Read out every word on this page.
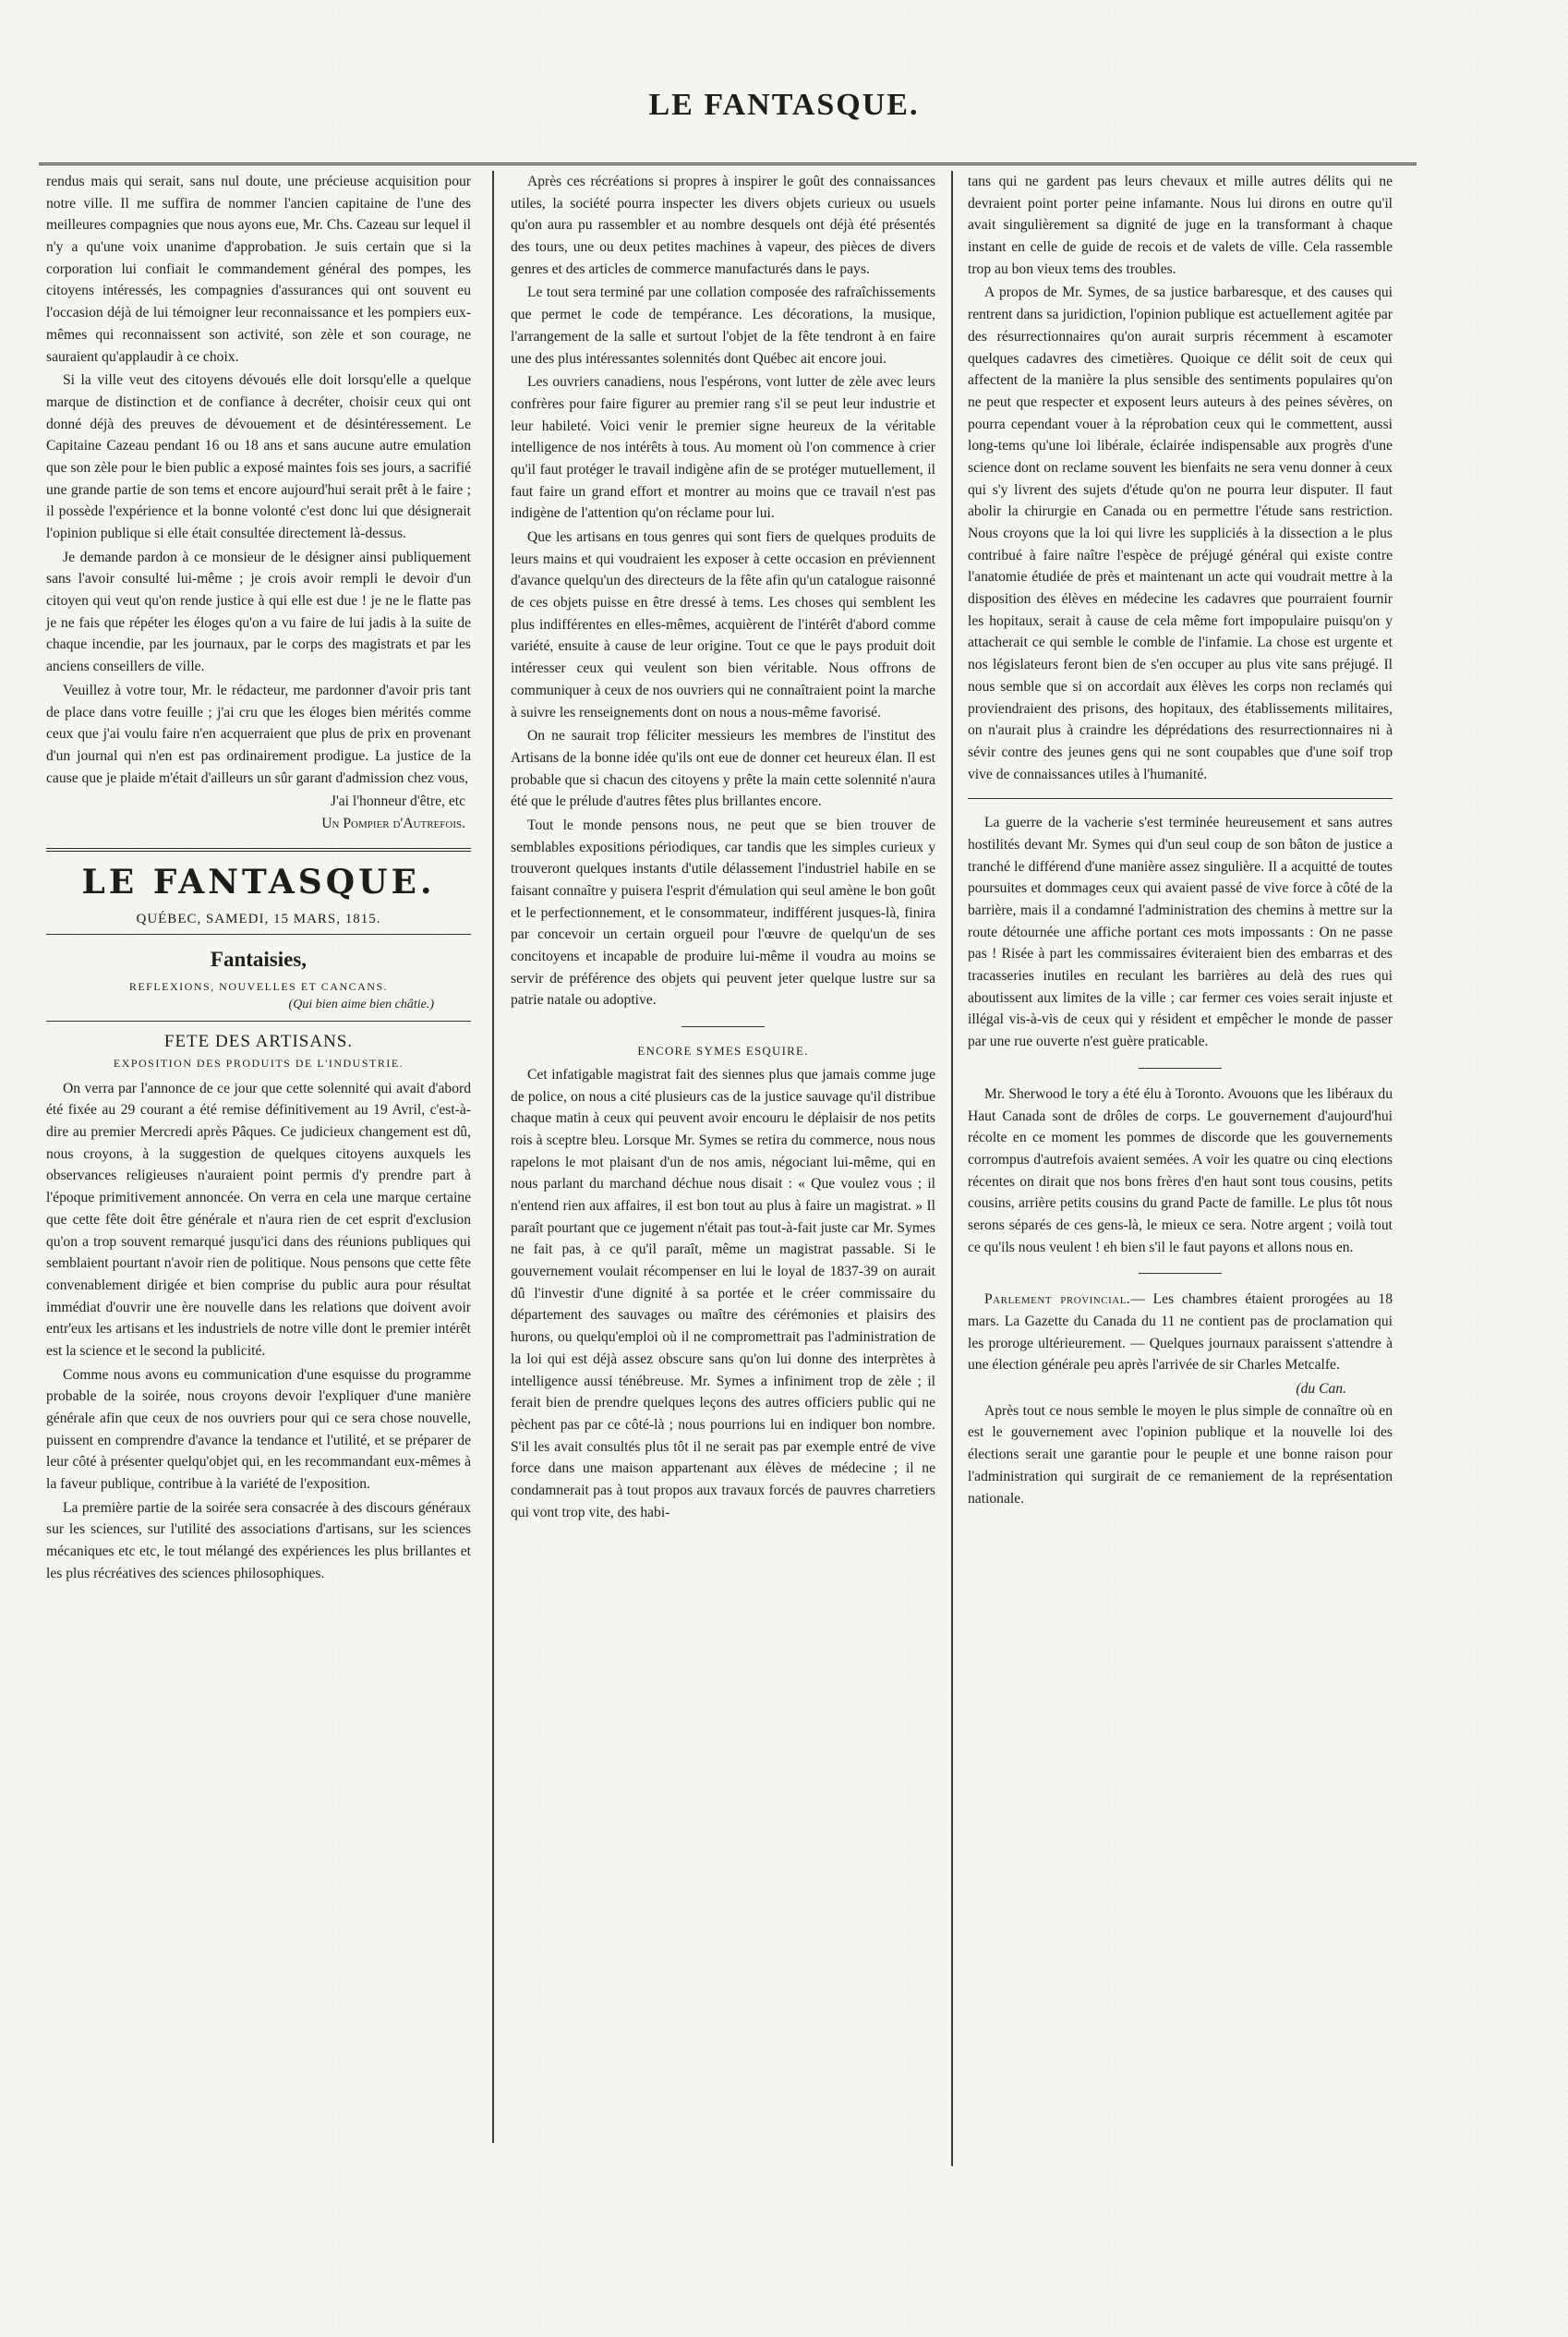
LE FANTASQUE.

rendus mais qui serait, sans nul doute, une précieuse acquisition pour notre ville. Il me suffira de nommer l'ancien capitaine de l'une des meilleures compagnies que nous ayons eue, Mr. Chs. Cazeau sur lequel il n'y a qu'une voix unanime d'approbation. Je suis certain que si la corporation lui confiait le commandement général des pompes, les citoyens intéressés, les compagnies d'assurances qui ont souvent eu l'occasion déjà de lui témoigner leur reconnaissance et les pompiers eux-mêmes qui reconnaissent son activité, son zèle et son courage, ne sauraient qu'applaudir à ce choix.

Si la ville veut des citoyens dévoués elle doit lorsqu'elle a quelque marque de distinction et de confiance à decréter, choisir ceux qui ont donné déjà des preuves de dévouement et de désintéressement. Le Capitaine Cazeau pendant 16 ou 18 ans et sans aucune autre emulation que son zèle pour le bien public a exposé maintes fois ses jours, a sacrifié une grande partie de son tems et encore aujourd'hui serait prêt à le faire ; il possède l'expérience et la bonne volonté c'est donc lui que désignerait l'opinion publique si elle était consultée directement là-dessus.

Je demande pardon à ce monsieur de le désigner ainsi publiquement sans l'avoir consulté lui-même ; je crois avoir rempli le devoir d'un citoyen qui veut qu'on rende justice à qui elle est due ! je ne le flatte pas je ne fais que répéter les éloges qu'on a vu faire de lui jadis à la suite de chaque incendie, par les journaux, par le corps des magistrats et par les anciens conseillers de ville.

Veuillez à votre tour, Mr. le rédacteur, me pardonner d'avoir pris tant de place dans votre feuille ; j'ai cru que les éloges bien mérités comme ceux que j'ai voulu faire n'en acquerraient que plus de prix en provenant d'un journal qui n'en est pas ordinairement prodigue. La justice de la cause que je plaide m'était d'ailleurs un sûr garant d'admission chez vous,

J'ai l'honneur d'être, etc
Un Pompier d'Autrefois.
LE FANTASQUE.
QUÉBEC, SAMEDI, 15 MARS, 1815.
Fantaisies,
REFLEXIONS, NOUVELLES ET CANCANS.
(Qui bien aime bien châtie.)
FETE DES ARTISANS.
EXPOSITION DES PRODUITS DE L'INDUSTRIE.

On verra par l'annonce de ce jour que cette solennité qui avait d'abord été fixée au 29 courant a été remise définitivement au 19 Avril, c'est-à-dire au premier Mercredi après Pâques. Ce judicieux changement est dû, nous croyons, à la suggestion de quelques citoyens auxquels les observances religieuses n'auraient point permis d'y prendre part à l'époque primitivement annoncée. On verra en cela une marque certaine que cette fête doit être générale et n'aura rien de cet esprit d'exclusion qu'on a trop souvent remarqué jusqu'ici dans des réunions publiques qui semblaient pourtant n'avoir rien de politique. Nous pensons que cette fête convenablement dirigée et bien comprise du public aura pour résultat immédiat d'ouvrir une ère nouvelle dans les relations que doivent avoir entr'eux les artisans et les industriels de notre ville dont le premier intérêt est la science et le second la publicité.

Comme nous avons eu communication d'une esquisse du programme probable de la soirée, nous croyons devoir l'expliquer d'une manière générale afin que ceux de nos ouvriers pour qui ce sera chose nouvelle, puissent en comprendre d'avance la tendance et l'utilité, et se préparer de leur côté à présenter quelqu'objet qui, en les recommandant eux-mêmes à la faveur publique, contribue à la variété de l'exposition.

La première partie de la soirée sera consacrée à des discours généraux sur les sciences, sur l'utilité des associations d'artisans, sur les sciences mécaniques etc etc, le tout mélangé des expériences les plus brillantes et les plus récréatives des sciences philosophiques.

Après ces récréations si propres à inspirer le goût des connaissances utiles, la société pourra inspecter les divers objets curieux ou usuels qu'on aura pu rassembler et au nombre desquels ont déjà été présentés des tours, une ou deux petites machines à vapeur, des pièces de divers genres et des articles de commerce manufacturés dans le pays.

Le tout sera terminé par une collation composée des rafraîchissements que permet le code de tempérance. Les décorations, la musique, l'arrangement de la salle et surtout l'objet de la fête tendront à en faire une des plus intéressantes solennités dont Québec ait encore joui.

Les ouvriers canadiens, nous l'espérons, vont lutter de zèle avec leurs confrères pour faire figurer au premier rang s'il se peut leur industrie et leur habileté. Voici venir le premier signe heureux de la véritable intelligence de nos intérêts à tous. Au moment où l'on commence à crier qu'il faut protéger le travail indigène afin de se protéger mutuellement, il faut faire un grand effort et montrer au moins que ce travail n'est pas indigène de l'attention qu'on réclame pour lui.

Que les artisans en tous genres qui sont fiers de quelques produits de leurs mains et qui voudraient les exposer à cette occasion en préviennent d'avance quelqu'un des directeurs de la fête afin qu'un catalogue raisonné de ces objets puisse en être dressé à tems. Les choses qui semblent les plus indifférentes en elles-mêmes, acquièrent de l'intérêt d'abord comme variété, ensuite à cause de leur origine. Tout ce que le pays produit doit intéresser ceux qui veulent son bien véritable. Nous offrons de communiquer à ceux de nos ouvriers qui ne connaîtraient point la marche à suivre les renseignements dont on nous a nous-même favorisé.

On ne saurait trop féliciter messieurs les membres de l'institut des Artisans de la bonne idée qu'ils ont eue de donner cet heureux élan. Il est probable que si chacun des citoyens y prête la main cette solennité n'aura été que le prélude d'autres fêtes plus brillantes encore.

Tout le monde pensons nous, ne peut que se bien trouver de semblables expositions périodiques, car tandis que les simples curieux y trouveront quelques instants d'utile délassement l'industriel habile en se faisant connaître y puisera l'esprit d'émulation qui seul amène le bon goût et le perfectionnement, et le consommateur, indifférent jusques-là, finira par concevoir un certain orgueil pour l'œuvre de quelqu'un de ses concitoyens et incapable de produire lui-même il voudra au moins se servir de préférence des objets qui peuvent jeter quelque lustre sur sa patrie natale ou adoptive.

ENCORE SYMES ESQUIRE.

Cet infatigable magistrat fait des siennes plus que jamais comme juge de police, on nous a cité plusieurs cas de la justice sauvage qu'il distribue chaque matin à ceux qui peuvent avoir encouru le déplaisir de nos petits rois à sceptre bleu. Lorsque Mr. Symes se retira du commerce, nous nous rapelons le mot plaisant d'un de nos amis, négociant lui-même, qui en nous parlant du marchand déchue nous disait : « Que voulez vous ; il n'entend rien aux affaires, il est bon tout au plus à faire un magistrat. » Il paraît pourtant que ce jugement n'était pas tout-à-fait juste car Mr. Symes ne fait pas, à ce qu'il paraît, même un magistrat passable. Si le gouvernement voulait récompenser en lui le loyal de 1837-39 on aurait dû l'investir d'une dignité à sa portée et le créer commissaire du département des sauvages ou maître des cérémonies et plaisirs des hurons, ou quelqu'emploi où il ne compromettrait pas l'administration de la loi qui est déjà assez obscure sans qu'on lui donne des interprètes à intelligence aussi ténébreuse. Mr. Symes a infiniment trop de zèle ; il ferait bien de prendre quelques leçons des autres officiers public qui ne pèchent pas par ce côté-là ; nous pourrions lui en indiquer bon nombre. S'il les avait consultés plus tôt il ne serait pas par exemple entré de vive force dans une maison appartenant aux élèves de médecine ; il ne condamnerait pas à tout propos aux travaux forcés de pauvres charretiers qui vont trop vite, des habi-

tans qui ne gardent pas leurs chevaux et mille autres délits qui ne devraient point porter peine infamante. Nous lui dirons en outre qu'il avait singulièrement sa dignité de juge en la transformant à chaque instant en celle de guide de recois et de valets de ville. Cela rassemble trop au bon vieux tems des troubles.

A propos de Mr. Symes, de sa justice barbaresque, et des causes qui rentrent dans sa juridiction, l'opinion publique est actuellement agitée par des résurrectionnaires qu'on aurait surpris récemment à escamoter quelques cadavres des cimetières. Quoique ce délit soit de ceux qui affectent de la manière la plus sensible des sentiments populaires qu'on ne peut que respecter et exposent leurs auteurs à des peines sévères, on pourra cependant vouer à la réprobation ceux qui le commettent, aussi long-tems qu'une loi libérale, éclairée indispensable aux progrès d'une science dont on reclame souvent les bienfaits ne sera venu donner à ceux qui s'y livrent des sujets d'étude qu'on ne pourra leur disputer. Il faut abolir la chirurgie en Canada ou en permettre l'étude sans restriction. Nous croyons que la loi qui livre les suppliciés à la dissection a le plus contribué à faire naître l'espèce de préjugé général qui existe contre l'anatomie étudiée de près et maintenant un acte qui voudrait mettre à la disposition des élèves en médecine les cadavres que pourraient fournir les hopitaux, serait à cause de cela même fort impopulaire puisqu'on y attacherait ce qui semble le comble de l'infamie. La chose est urgente et nos législateurs feront bien de s'en occuper au plus vite sans préjugé. Il nous semble que si on accordait aux élèves les corps non reclamés qui proviendraient des prisons, des hopitaux, des établissements militaires, on n'aurait plus à craindre les déprédations des resurrectionnaires ni à sévir contre des jeunes gens qui ne sont coupables que d'une soif trop vive de connaissances utiles à l'humanité.

La guerre de la vacherie s'est terminée heureusement et sans autres hostilités devant Mr. Symes qui d'un seul coup de son bâton de justice a tranché le différend d'une manière assez singulière. Il a acquitté de toutes poursuites et dommages ceux qui avaient passé de vive force à côté de la barrière, mais il a condamné l'administration des chemins à mettre sur la route détournée une affiche portant ces mots impossants : On ne passe pas ! Risée à part les commissaires éviteraient bien des embarras et des tracasseries inutiles en reculant les barrières au delà des rues qui aboutissent aux limites de la ville ; car fermer ces voies serait injuste et illégal vis-à-vis de ceux qui y résident et empêcher le monde de passer par une rue ouverte n'est guère praticable.

Mr. Sherwood le tory a été élu à Toronto. Avouons que les libéraux du Haut Canada sont de drôles de corps. Le gouvernement d'aujourd'hui récolte en ce moment les pommes de discorde que les gouvernements corrompus d'autrefois avaient semées. A voir les quatre ou cinq elections récentes on dirait que nos bons frères d'en haut sont tous cousins, petits cousins, arrière petits cousins du grand Pacte de famille. Le plus tôt nous serons séparés de ces gens-là, le mieux ce sera. Notre argent ; voilà tout ce qu'ils nous veulent ! eh bien s'il le faut payons et allons nous en.

Parlement provincial.— Les chambres étaient prorogées au 18 mars. La Gazette du Canada du 11 ne contient pas de proclamation qui les proroge ultérieurement. — Quelques journaux paraissent s'attendre à une élection générale peu après l'arrivée de sir Charles Metcalfe.

(du Can.

Après tout ce nous semble le moyen le plus simple de connaître où en est le gouvernement avec l'opinion publique et la nouvelle loi des élections serait une garantie pour le peuple et une bonne raison pour l'administration qui surgirait de ce remaniement de la représentation nationale.
